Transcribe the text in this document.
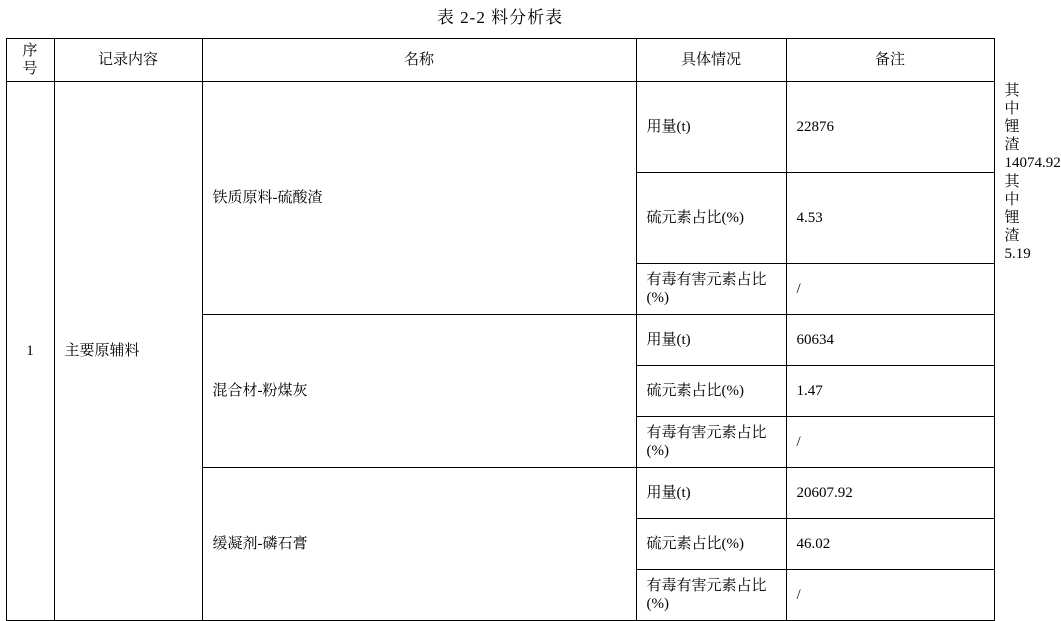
表 2-2 料分析表
序号	记录内容	名称	具体情况	备注	
1	主要原辅料	铁质原料-硫酸渣	用量(t)	22876	其中锂渣 14074.92
			硫元素占比(%)	4.53	其中锂渣 5.19
			有毒有害元素占比(%)	/	
		混合材-粉煤灰	用量(t)	60634	
			硫元素占比(%)	1.47	
			有毒有害元素占比(%)	/	
		缓凝剂-磷石膏	用量(t)	20607.92	
			硫元素占比(%)	46.02	
			有毒有害元素占比(%)	/	
